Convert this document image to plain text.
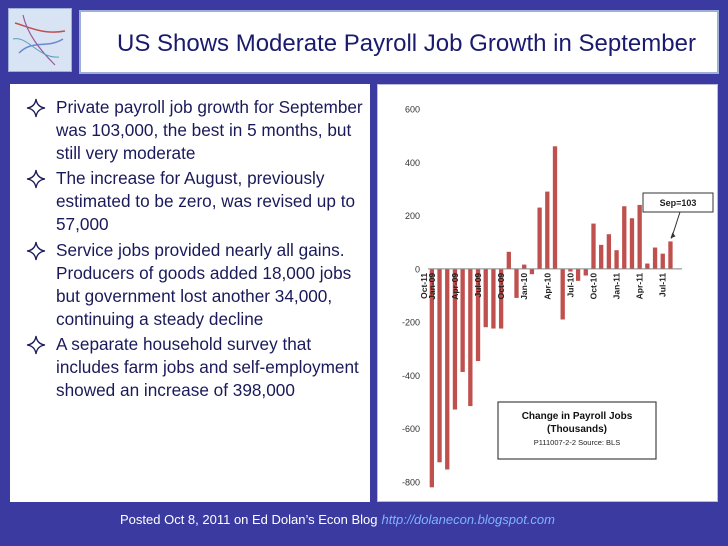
US Shows Moderate Payroll Job Growth in September
Private payroll job growth for September was 103,000, the best in 5 months, but still very moderate
The increase for August, previously estimated to be zero, was revised up to 57,000
Service jobs provided nearly all gains. Producers of goods added 18,000 jobs but government lost another 34,000, continuing a steady decline
A separate household survey that includes farm jobs and self-employment showed an increase of 398,000
600
400
200
0
-200
-400
-600
-800
Jan-09 Apr-09 Jul-09 Oct-09 Jan-10 Apr-10 Jul-10 Oct-10 Jan-11 Apr-11 Jul-11
Oct-11
Sep=103
Change in Payroll Jobs
(Thousands)
P111007-2-2 Source: BLS
Posted Oct 8, 2011 on Ed Dolan’s Econ Blog http://dolanecon.blogspot.com
